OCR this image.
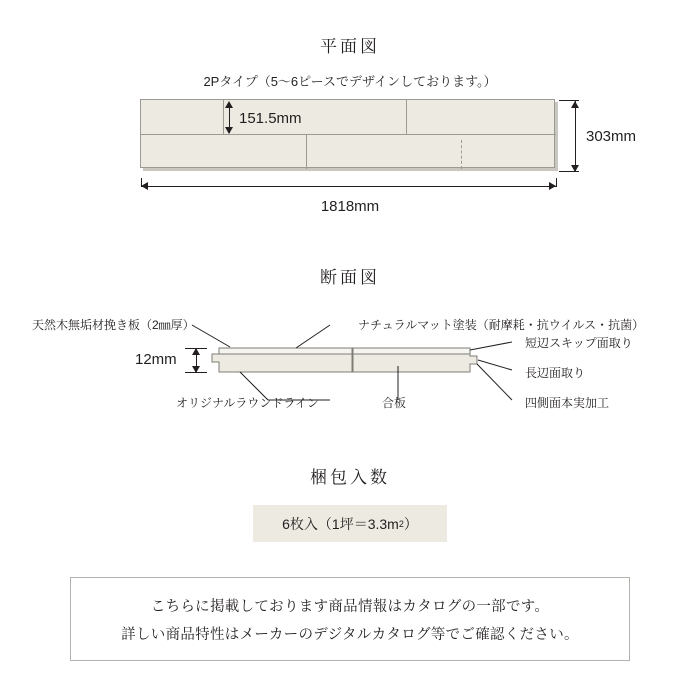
平面図
2Pタイプ（5〜6ピースでデザインしております。）
151.5mm
303mm
1818mm
断面図
12mm
天然木無垢材挽き板（2㎜厚）	ナチュラルマット塗装（耐摩耗・抗ウイルス・抗菌）
短辺スキップ面取り
長辺面取り
四側面本実加工
オリジナルラウンドライン	合板
梱包入数
6枚入（1坪＝3.3m 2 ）
こちらに掲載しております商品情報はカタログの一部です。
詳しい商品特性はメーカーのデジタルカタログ等でご確認ください。
